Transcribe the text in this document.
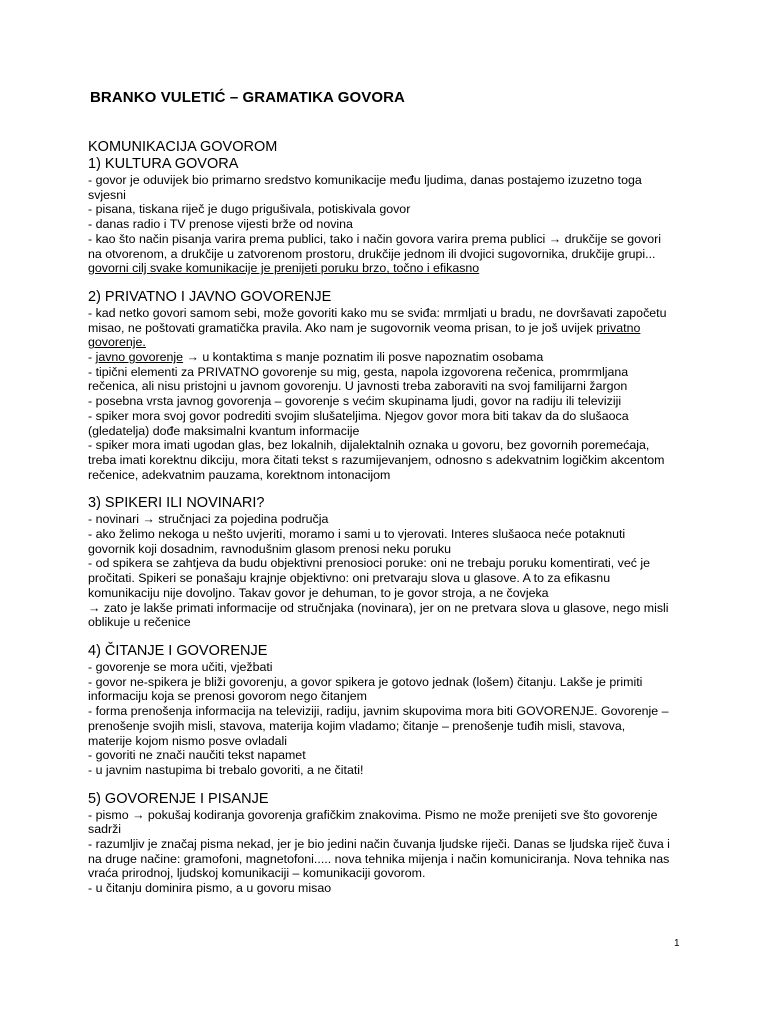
BRANKO VULETIĆ – GRAMATIKA GOVORA
KOMUNIKACIJA GOVOROM
1) KULTURA GOVORA
- govor je oduvijek bio primarno sredstvo komunikacije među ljudima, danas postajemo izuzetno toga
svjesni
- pisana, tiskana riječ je dugo prigušivala, potiskivala govor
- danas radio i TV prenose vijesti brže od novina
- kao što način pisanja varira prema publici, tako i način govora varira prema publici → drukčije se govori
na otvorenom, a drukčije u zatvorenom prostoru, drukčije jednom ili dvojici sugovornika, drukčije grupi...
govorni cilj svake komunikacije je prenijeti poruku brzo, točno i efikasno
2) PRIVATNO I JAVNO GOVORENJE
- kad netko govori samom sebi, može govoriti kako mu se sviđa: mrmljati u bradu, ne dovršavati započetu
misao, ne poštovati gramatička pravila. Ako nam je sugovornik veoma prisan, to je još uvijek privatno
govorenje.
- javno govorenje → u kontaktima s manje poznatim ili posve napoznatim osobama
- tipični elementi za PRIVATNO govorenje su mig, gesta, napola izgovorena rečenica, promrmljana
rečenica, ali nisu pristojni u javnom govorenju. U javnosti treba zaboraviti na svoj familijarni žargon
- posebna vrsta javnog govorenja – govorenje s većim skupinama ljudi, govor na radiju ili televiziji
- spiker mora svoj govor podrediti svojim slušateljima. Njegov govor mora biti takav da do slušaoca
(gledatelja) dođe maksimalni kvantum informacije
- spiker mora imati ugodan glas, bez lokalnih, dijalektalnih oznaka u govoru, bez govornih poremećaja,
treba imati korektnu dikciju, mora čitati tekst s razumijevanjem, odnosno s adekvatnim logičkim akcentom
rečenice, adekvatnim pauzama, korektnom intonacijom
3) SPIKERI ILI NOVINARI?
- novinari → stručnjaci za pojedina područja
- ako želimo nekoga u nešto uvjeriti, moramo i sami u to vjerovati. Interes slušaoca neće potaknuti
govornik koji dosadnim, ravnodušnim glasom prenosi neku poruku
- od spikera se zahtjeva da budu objektivni prenosioci poruke: oni ne trebaju poruku komentirati, već je
pročitati. Spikeri se ponašaju krajnje objektivno: oni pretvaraju slova u glasove. A to za efikasnu
komunikaciju nije dovoljno. Takav govor je dehuman, to je govor stroja, a ne čovjeka
→ zato je lakše primati informacije od stručnjaka (novinara), jer on ne pretvara slova u glasove, nego misli
oblikuje u rečenice
4) ČITANJE I GOVORENJE
- govorenje se mora učiti, vježbati
- govor ne-spikera je bliži govorenju, a govor spikera je gotovo jednak (lošem) čitanju. Lakše je primiti
informaciju koja se prenosi govorom nego čitanjem
- forma prenošenja informacija na televiziji, radiju, javnim skupovima mora biti GOVORENJE. Govorenje –
prenošenje svojih misli, stavova, materija kojim vladamo; čitanje – prenošenje tuđih misli, stavova,
materije kojom nismo posve ovladali
- govoriti ne znači naučiti tekst napamet
- u javnim nastupima bi trebalo govoriti, a ne čitati!
5) GOVORENJE I PISANJE
- pismo → pokušaj kodiranja govorenja grafičkim znakovima. Pismo ne može prenijeti sve što govorenje
sadrži
- razumljiv je značaj pisma nekad, jer je bio jedini način čuvanja ljudske riječi. Danas se ljudska riječ čuva i
na druge načine: gramofoni, magnetofoni..... nova tehnika mijenja i način komuniciranja. Nova tehnika nas
vraća prirodnoj, ljudskoj komunikaciji – komunikaciji govorom.
- u čitanju dominira pismo, a u govoru misao
1
